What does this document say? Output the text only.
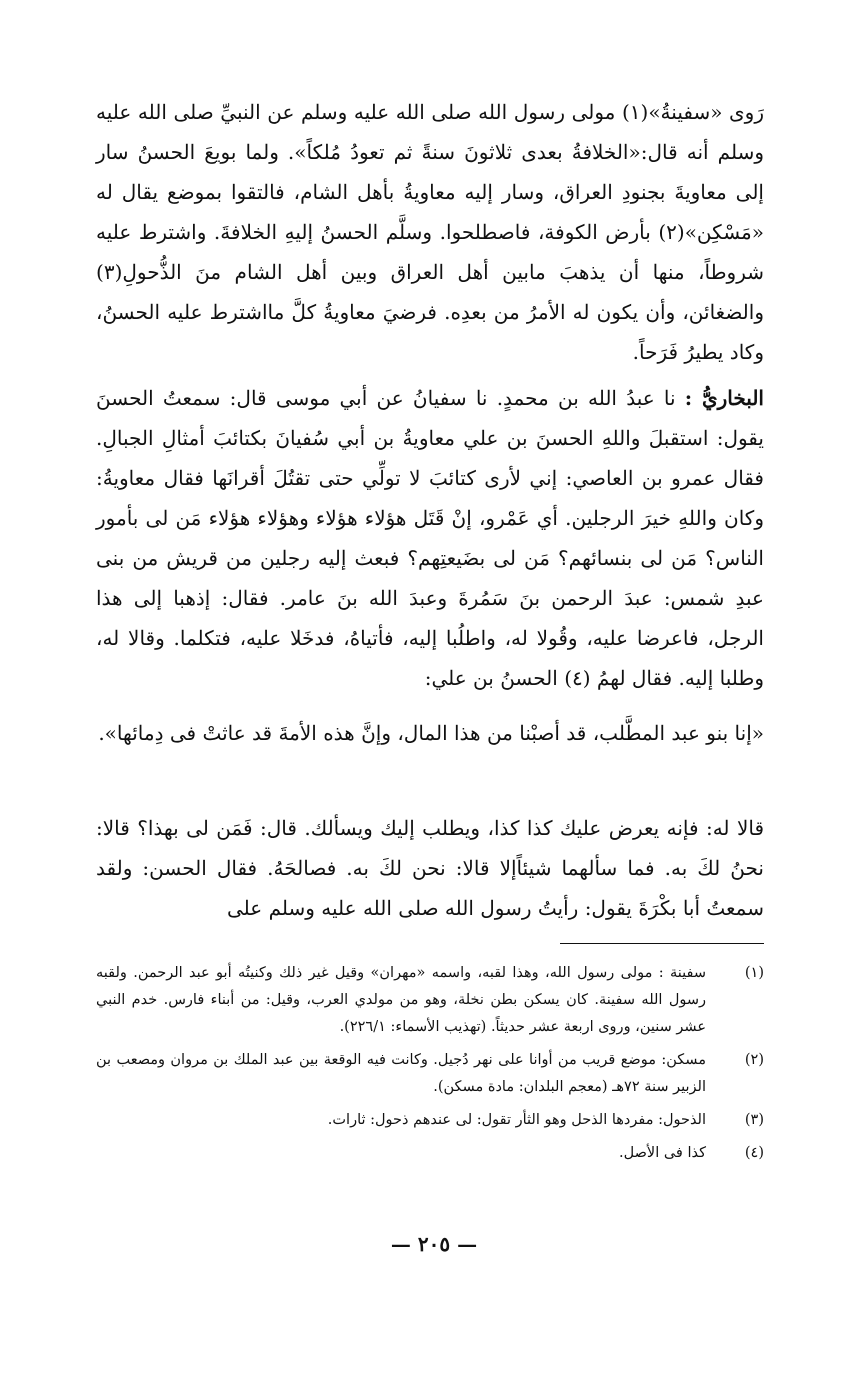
رَوى «سفينةُ»(١) مولى رسول الله صلى الله عليه وسلم عن النبيِّ صلى الله عليه وسلم أنه قال:«الخلافةُ بعدى ثلاثونَ سنةً ثم تعودُ مُلكاً». ولما بويعَ الحسنُ سار إلى معاويةَ بجنودِ العراق، وسار إليه معاويةُ بأهل الشام، فالتقوا بموضع يقال له «مَسْكِن»(٢) بأرض الكوفة، فاصطلحوا. وسلَّم الحسنُ إليهِ الخلافةَ. واشترط عليه شروطاً، منها أن يذهبَ مابين أهل العراق وبين أهل الشام منَ الذُّحولِ(٣) والضغائن، وأن يكون له الأمرُ من بعدِه. فرضيَ معاويةُ كلَّ مااشترط عليه الحسنُ، وكاد يطيرُ فَرَحاً.

البخاريُّ : نا عبدُ الله بن محمدٍ. نا سفيانُ عن أبي موسى قال: سمعتُ الحسنَ يقول: استقبلَ واللهِ الحسنَ بن علي معاويةُ بن أبي سُفيانَ بكتائبَ أمثالِ الجبالِ. فقال عمرو بن العاصي: إني لأرى كتائبَ لا تولِّي حتى تقتُلَ أقرانَها فقال معاويةُ: وكان واللهِ خيرَ الرجلين. أي عَمْرو، إنْ قَتَل هؤلاء هؤلاء وهؤلاء هؤلاء مَن لى بأمور الناس؟ مَن لى بنسائهم؟ مَن لى بضَيعتِهم؟ فبعث إليه رجلين من قريش من بنى عبدِ شمس: عبدَ الرحمن بنَ سَمُرةَ وعبدَ الله بنَ عامر. فقال: إذهبا إلى هذا الرجل، فاعرضا عليه، وقُولا له، واطلُبا إليه، فأتياهُ، فدخَلا عليه، فتكلما. وقالا له، وطلبا إليه. فقال لهمُ (٤) الحسنُ بن علي:

«إنا بنو عبد المطَّلب، قد أصبْنا من هذا المال، وإنَّ هذه الأمةَ قد عاثتْ فى دِمائها».

قالا له: فإنه يعرض عليك كذا كذا، ويطلب إليك ويسألك. قال: فَمَن لى بهذا؟ قالا: نحنُ لكَ به. فما سألهما شيئاًإلا قالا: نحن لكَ به. فصالحَهُ. فقال الحسن: ولقد سمعتُ أبا بكْرَةَ يقول: رأيتُ رسول الله صلى الله عليه وسلم على

(١)
سفينة : مولى رسول الله، وهذا لقبه، واسمه «مهران» وقيل غير ذلك وكنيتُه أبو عبد الرحمن. ولقبه رسول الله سفينة. كان يسكن بطن نخلة، وهو من مولدي العرب، وقيل: من أبناء فارس. خدم النبي عشر سنين، وروى اربعة عشر حديثاً. (تهذيب الأسماء: ٢٢٦/١).
(٢)
مسكن: موضع قريب من أوانا على نهر دُجيل. وكانت فيه الوقعة بين عبد الملك بن مروان ومصعب بن الزبير سنة ٧٢هـ (معجم البلدان: مادة مسكن).
(٣)
الذحول: مفردها الذحل وهو الثأر تقول: لى عندهم ذحول: ثارات.
(٤)
كذا فى الأصل.
— ٢٠٥ —
